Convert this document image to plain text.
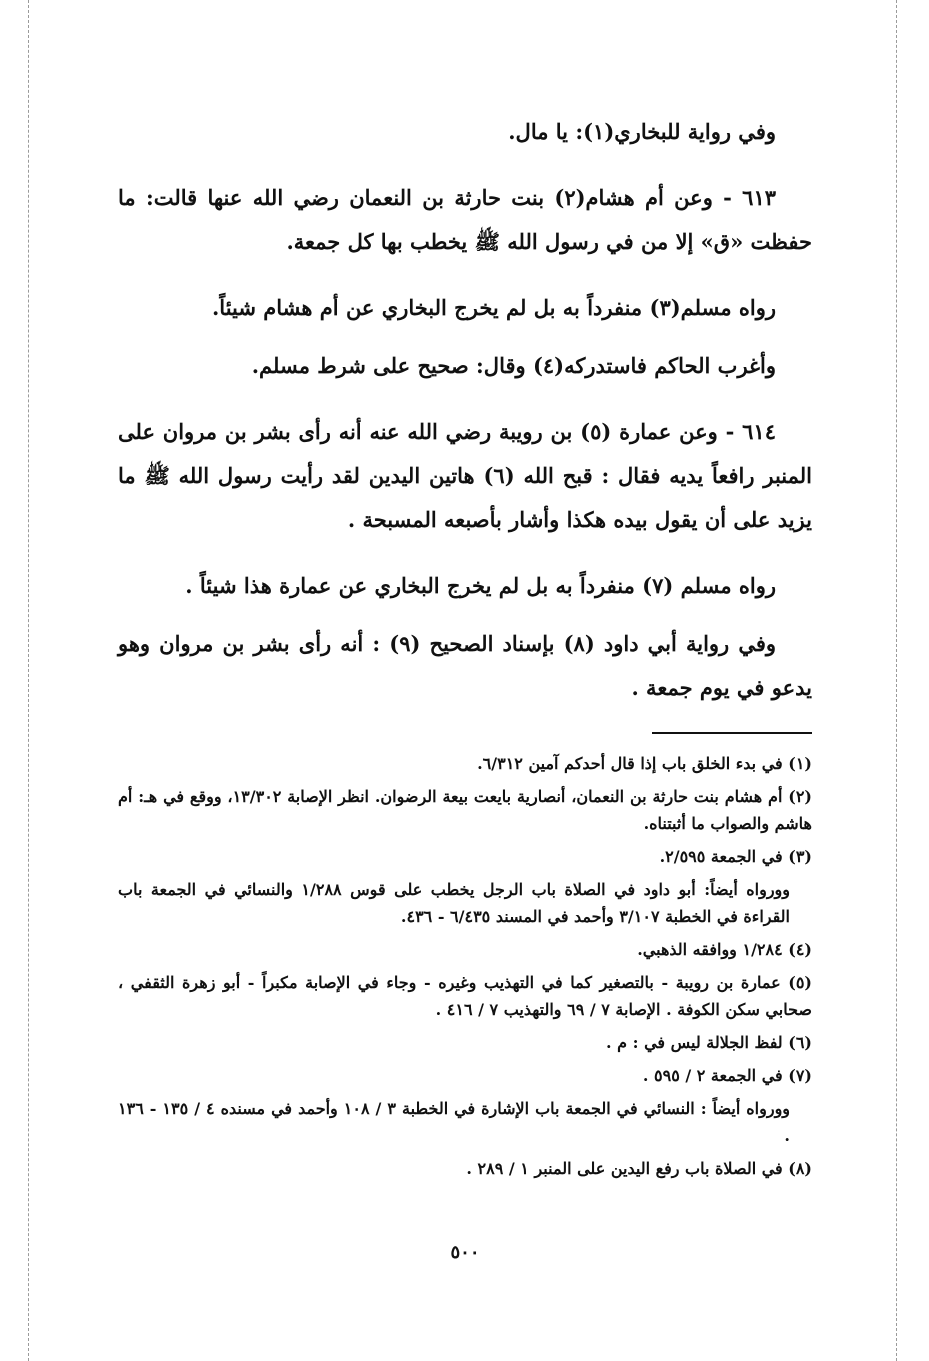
وفي رواية للبخاري(١): يا مال.

٦١٣ - وعن أم هشام(٢) بنت حارثة بن النعمان رضي الله عنها قالت: ما حفظت «ق» إلا من في رسول الله ﷺ يخطب بها كل جمعة.

رواه مسلم(٣) منفرداً به بل لم يخرج البخاري عن أم هشام شيئاً.

وأغرب الحاكم فاستدركه(٤) وقال: صحيح على شرط مسلم.

٦١٤ - وعن عمارة (٥) بن رويبة رضي الله عنه أنه رأى بشر بن مروان على المنبر رافعاً يديه فقال : قبح الله (٦) هاتين اليدين لقد رأيت رسول الله ﷺ ما يزيد على أن يقول بيده هكذا وأشار بأصبعه المسبحة .

رواه مسلم (٧) منفرداً به بل لم يخرج البخاري عن عمارة هذا شيئاً .

وفي رواية أبي داود (٨) بإسناد الصحيح (٩) : أنه رأى بشر بن مروان وهو يدعو في يوم جمعة .

(١) في بدء الخلق باب إذا قال أحدكم آمين ٦/٣١٢.

(٢) أم هشام بنت حارثة بن النعمان، أنصارية بايعت بيعة الرضوان. انظر الإصابة ١٣/٣٠٢، ووقع في هـ: أم هاشم والصواب ما أثبتناه.

(٣) في الجمعة ٢/٥٩٥.

وورواه أيضاً: أبو داود في الصلاة باب الرجل يخطب على قوس ١/٢٨٨ والنسائي في الجمعة باب القراءة في الخطبة ٣/١٠٧ وأحمد في المسند ٦/٤٣٥ - ٤٣٦.

(٤) ١/٢٨٤ ووافقه الذهبي.

(٥) عمارة بن رويبة - بالتصغير كما في التهذيب وغيره - وجاء في الإصابة مكبراً - أبو زهرة الثقفي ، صحابي سكن الكوفة . الإصابة ٧ / ٦٩ والتهذيب ٧ / ٤١٦ .

(٦) لفظ الجلالة ليس في : م .

(٧) في الجمعة ٢ / ٥٩٥ .

وورواه أيضاً : النسائي في الجمعة باب الإشارة في الخطبة ٣ / ١٠٨ وأحمد في مسنده ٤ / ١٣٥ - ١٣٦ .

(٨) في الصلاة باب رفع اليدين على المنبر ١ / ٢٨٩ .

٥٠٠
